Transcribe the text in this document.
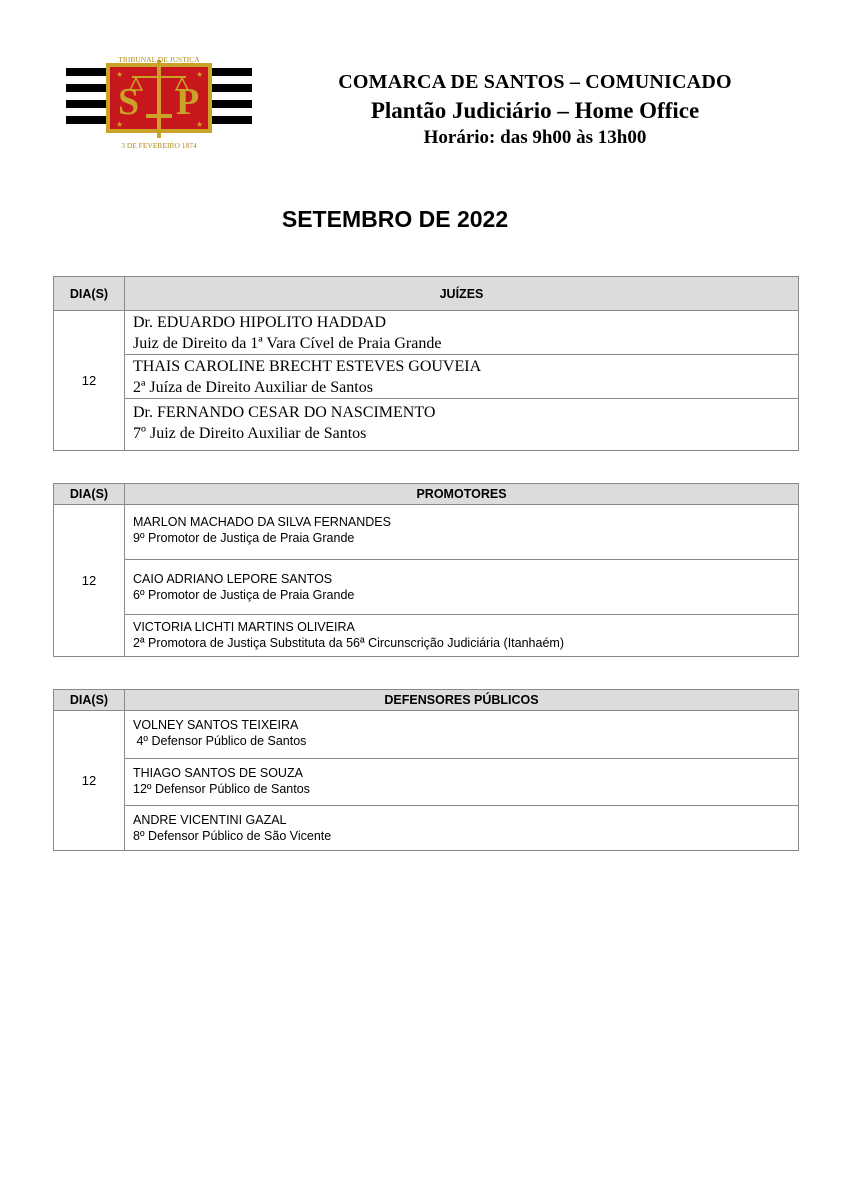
★	★
★	★
S P
TRIBUNAL DE JUSTIÇA
3 DE FEVEREIRO 1874
COMARCA DE SANTOS – COMUNICADO
Plantão Judiciário – Home Office
Horário: das 9h00 às 13h00
SETEMBRO DE 2022
DIA(S)	JUÍZES
12	Dr. EDUARDO HIPOLITO HADDAD
Juiz de Direito da 1ª Vara Cível de Praia Grande

	THAIS CAROLINE BRECHT ESTEVES GOUVEIA
2ª Juíza de Direito Auxiliar de Santos

	Dr. FERNANDO CESAR DO NASCIMENTO
7º Juiz de Direito Auxiliar de Santos
DIA(S)	PROMOTORES
12	MARLON MACHADO DA SILVA FERNANDES
9º Promotor de Justiça de Praia Grande

	CAIO ADRIANO LEPORE SANTOS
6º Promotor de Justiça de Praia Grande

	VICTORIA LICHTI MARTINS OLIVEIRA
2ª Promotora de Justiça Substituta da 56ª Circunscrição Judiciária (Itanhaém)
DIA(S)	DEFENSORES PÚBLICOS
12	VOLNEY SANTOS TEIXEIRA
4º Defensor Público de Santos

	THIAGO SANTOS DE SOUZA
12º Defensor Público de Santos

	ANDRE VICENTINI GAZAL
8º Defensor Público de São Vicente
